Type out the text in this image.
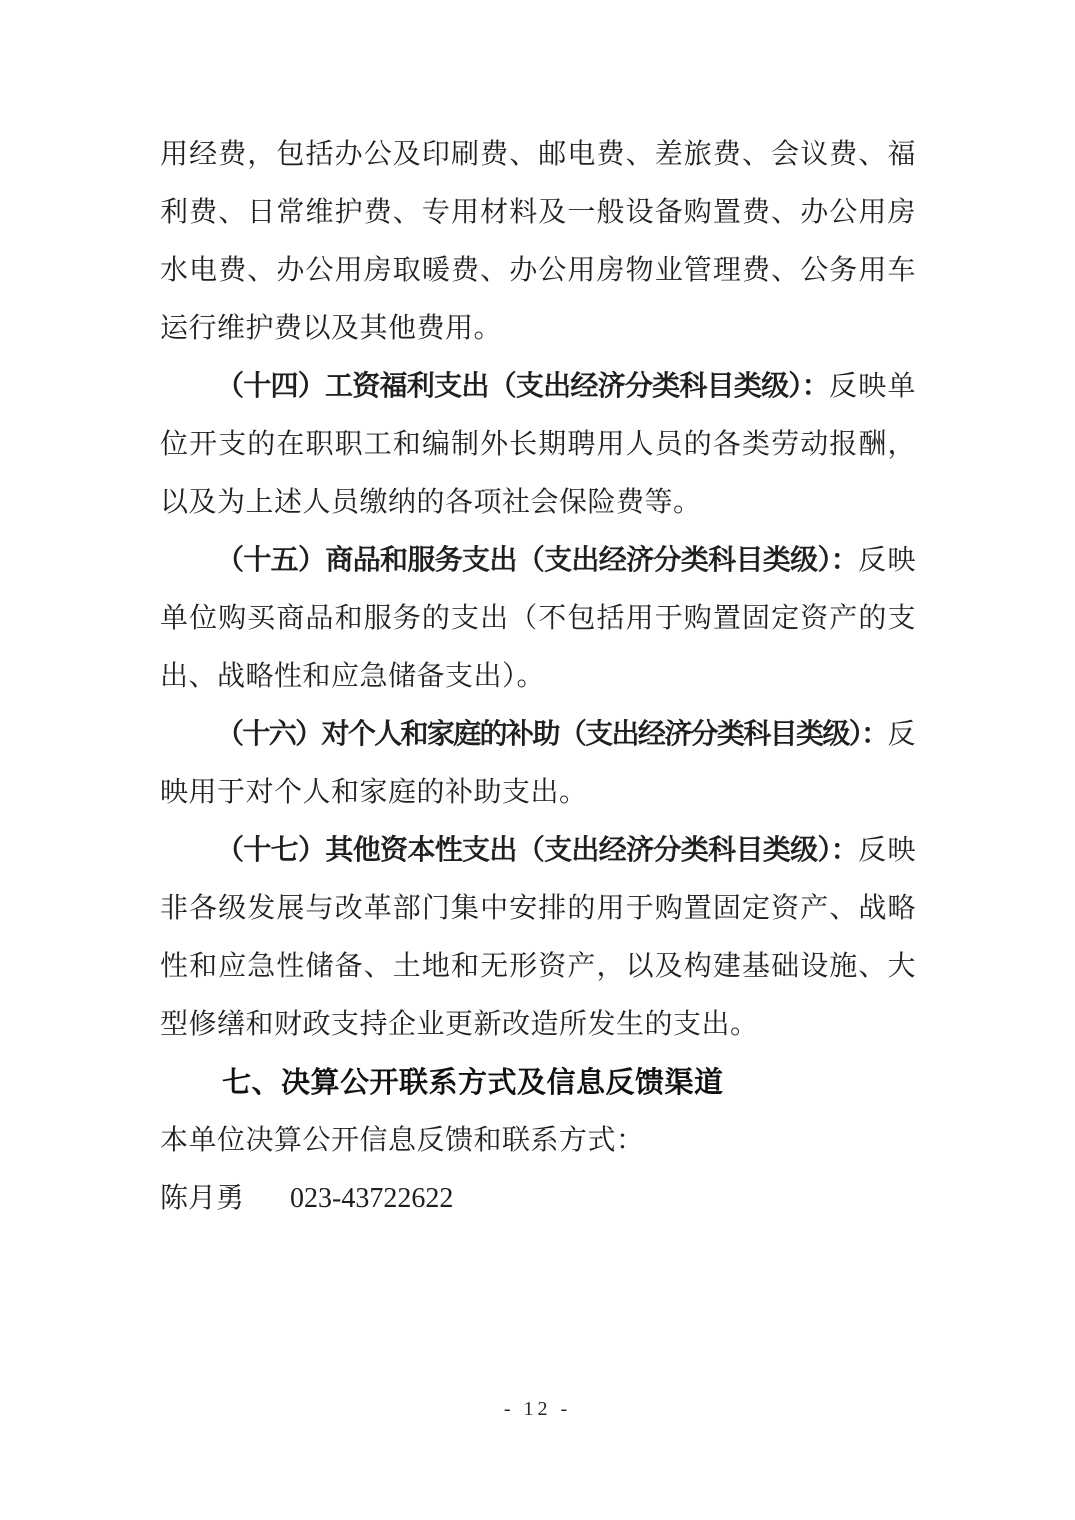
用经费，包括办公及印刷费、邮电费、差旅费、会议费、福利费、日常维护费、专用材料及一般设备购置费、办公用房水电费、办公用房取暖费、办公用房物业管理费、公务用车运行维护费以及其他费用。

（十四）工资福利支出（支出经济分类科目类级）：反映单位开支的在职职工和编制外长期聘用人员的各类劳动报酬，以及为上述人员缴纳的各项社会保险费等。

（十五）商品和服务支出（支出经济分类科目类级）：反映单位购买商品和服务的支出（不包括用于购置固定资产的支出、战略性和应急储备支出）。

（十六）对个人和家庭的补助（支出经济分类科目类级）：反映用于对个人和家庭的补助支出。

（十七）其他资本性支出（支出经济分类科目类级）：反映非各级发展与改革部门集中安排的用于购置固定资产、战略性和应急性储备、土地和无形资产，以及构建基础设施、大型修缮和财政支持企业更新改造所发生的支出。

七、决算公开联系方式及信息反馈渠道

本单位决算公开信息反馈和联系方式：

陈月勇 023-43722622

- 12 -
